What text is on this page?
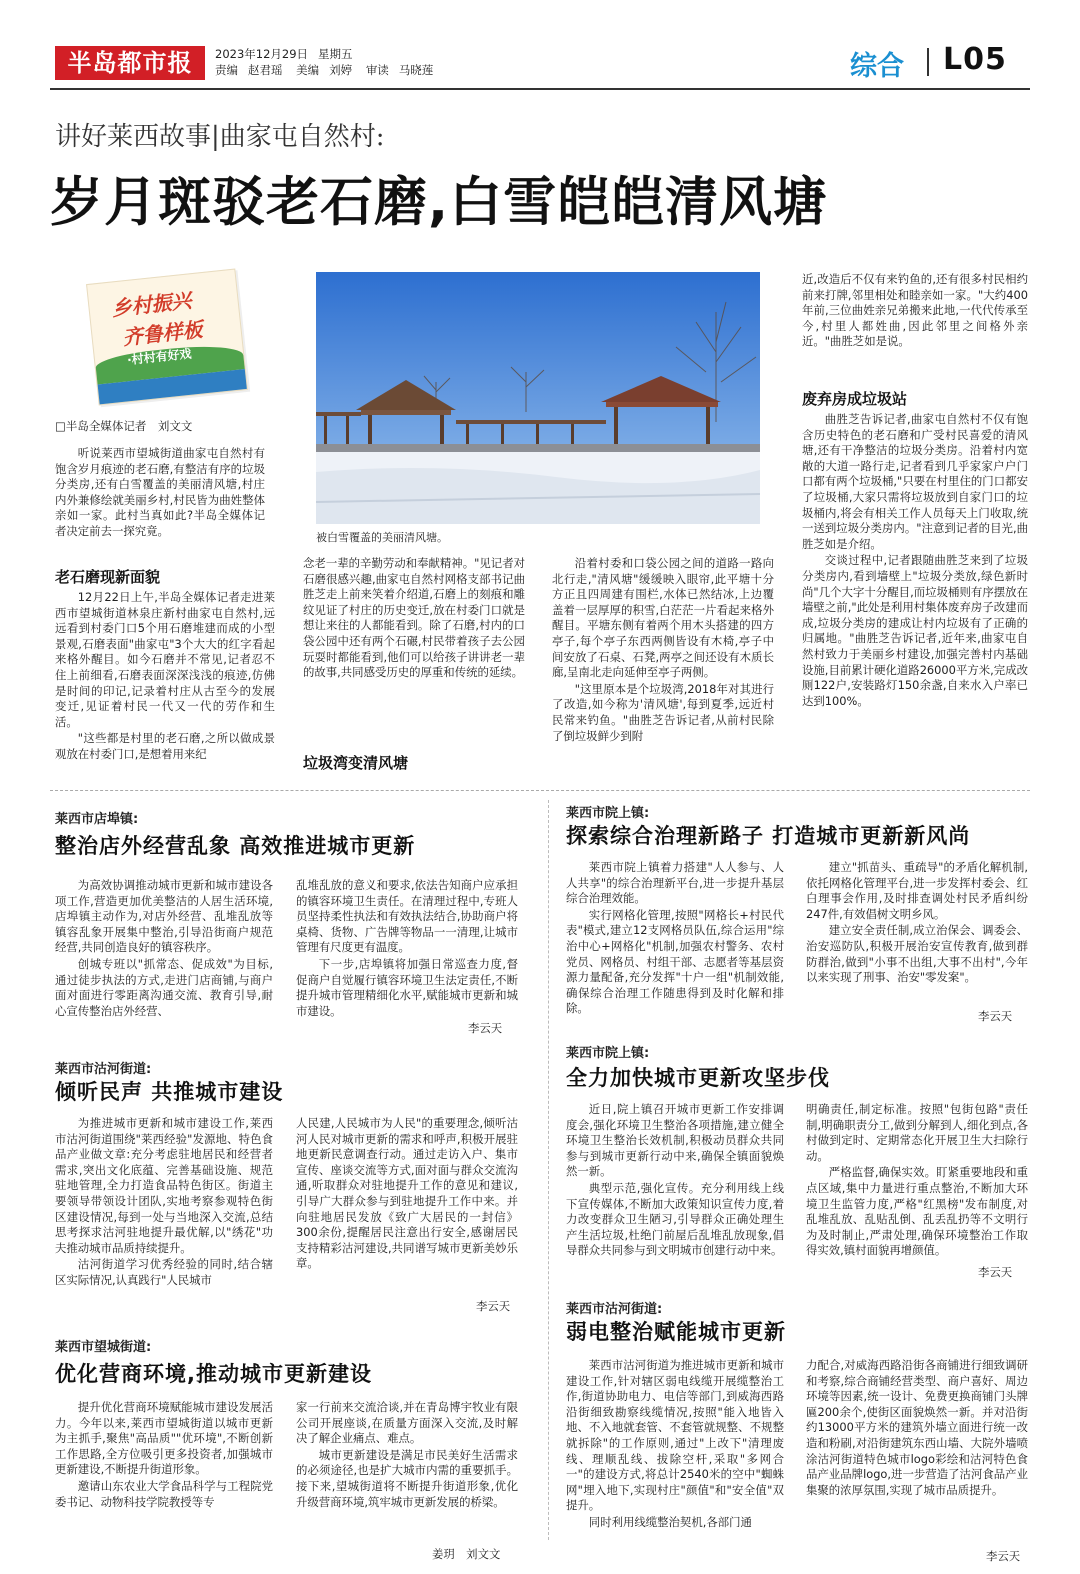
半岛都市报	2023年12月29日 星期五
责编 赵君瑶 美编 刘婷 审读 马晓莲	综合 L05
讲好莱西故事|曲家屯自然村:
岁月斑驳老石磨,白雪皑皑清风塘
乡村振兴
齐鲁样板
·村村有好戏
□半岛全媒体记者　刘文文

听说莱西市望城街道曲家屯自然村有饱含岁月痕迹的老石磨,有整洁有序的垃圾分类房,还有白雪覆盖的美丽清风塘,村庄内外兼修绘就美丽乡村,村民皆为曲姓整体亲如一家。此村当真如此?半岛全媒体记者决定前去一探究竟。	被白雪覆盖的美丽清风塘。
老石磨现新面貌

12月22日上午,半岛全媒体记者走进莱西市望城街道林泉庄新村曲家屯自然村,远远看到村委门口5个用石磨堆建而成的小型景观,石磨表面"曲家屯"3个大大的红字看起来格外醒目。如今石磨并不常见,记者忍不住上前细看,石磨表面深深浅浅的痕迹,仿佛是时间的印记,记录着村庄从古至今的发展变迁,见证着村民一代又一代的劳作和生活。

"这些都是村里的老石磨,之所以做成景观放在村委门口,是想着用来纪

念老一辈的辛勤劳动和奉献精神。"见记者对石磨很感兴趣,曲家屯自然村网格支部书记曲胜芝走上前来笑着介绍道,石磨上的刻痕和雕纹见证了村庄的历史变迁,放在村委门口就是想让来往的人都能看到。除了石磨,村内的口袋公园中还有两个石碾,村民带着孩子去公园玩耍时都能看到,他们可以给孩子讲讲老一辈的故事,共同感受历史的厚重和传统的延续。

垃圾湾变清风塘

沿着村委和口袋公园之间的道路一路向北行走,"清风塘"缓缓映入眼帘,此平塘十分方正且四周建有围栏,水体已然结冰,上边覆盖着一层厚厚的积雪,白茫茫一片看起来格外醒目。平塘东侧有着两个用木头搭建的四方亭子,每个亭子东西两侧皆设有木椅,亭子中间安放了石桌、石凳,两亭之间还设有木质长廊,呈南北走向延伸至亭子两侧。

"这里原本是个垃圾湾,2018年对其进行了改造,如今称为'清风塘',每到夏季,远近村民常来钓鱼。"曲胜芝告诉记者,从前村民除了倒垃圾鲜少到附

近,改造后不仅有来钓鱼的,还有很多村民相约前来打牌,邻里相处和睦亲如一家。"大约400年前,三位曲姓亲兄弟搬来此地,一代代传承至今,村里人都姓曲,因此邻里之间格外亲近。"曲胜芝如是说。

废弃房成垃圾站

曲胜芝告诉记者,曲家屯自然村不仅有饱含历史特色的老石磨和广受村民喜爱的清风塘,还有干净整洁的垃圾分类房。沿着村内宽敞的大道一路行走,记者看到几乎家家户户门口都有两个垃圾桶,"只要在村里住的门口都安了垃圾桶,大家只需将垃圾放到自家门口的垃圾桶内,将会有相关工作人员每天上门收取,统一送到垃圾分类房内。"注意到记者的目光,曲胜芝如是介绍。

交谈过程中,记者跟随曲胜芝来到了垃圾分类房内,看到墙壁上"垃圾分类放,绿色新时尚"几个大字十分醒目,而垃圾桶则有序摆放在墙壁之前,"此处是利用村集体废弃房子改建而成,垃圾分类房的建成让村内垃圾有了正确的归属地。"曲胜芝告诉记者,近年来,曲家屯自然村致力于美丽乡村建设,加强完善村内基础设施,目前累计硬化道路26000平方米,完成改厕122户,安装路灯150余盏,自来水入户率已达到100%。

莱西市店埠镇:
整治店外经营乱象 高效推进城市更新

为高效协调推动城市更新和城市建设各项工作,营造更加优美整洁的人居生活环境,店埠镇主动作为,对店外经营、乱堆乱放等镇容乱象开展集中整治,引导沿街商户规范经营,共同创造良好的镇容秩序。

创城专班以"抓常态、促成效"为目标,通过徒步执法的方式,走进门店商铺,与商户面对面进行零距离沟通交流、教育引导,耐心宣传整治店外经营、

乱堆乱放的意义和要求,依法告知商户应承担的镇容环境卫生责任。在清理过程中,专班人员坚持柔性执法和有效执法结合,协助商户将桌椅、货物、广告牌等物品一一清理,让城市管理有尺度更有温度。

下一步,店埠镇将加强日常巡查力度,督促商户自觉履行镇容环境卫生法定责任,不断提升城市管理精细化水平,赋能城市更新和城市建设。

李云天
莱西市沽河街道:
倾听民声 共推城市建设

为推进城市更新和城市建设工作,莱西市沽河街道围绕"莱西经验"发源地、特色食品产业做文章:充分考虑驻地居民和经营者需求,突出文化底蕴、完善基础设施、规范驻地管理,全力打造食品特色街区。街道主要领导带领设计团队,实地考察参观特色街区建设情况,每到一处与当地深入交流,总结思考探求沽河驻地提升最优解,以"绣花"功夫推动城市品质持续提升。

沽河街道学习优秀经验的同时,结合辖区实际情况,认真践行"人民城市

人民建,人民城市为人民"的重要理念,倾听沽河人民对城市更新的需求和呼声,积极开展驻地更新民意调查行动。通过走访入户、集市宣传、座谈交流等方式,面对面与群众交流沟通,听取群众对驻地提升工作的意见和建议,引导广大群众参与到驻地提升工作中来。并向驻地居民发放《致广大居民的一封信》300余份,提醒居民注意出行安全,感谢居民支持精彩沽河建设,共同谱写城市更新美妙乐章。

李云天
莱西市望城街道:
优化营商环境,推动城市更新建设

提升优化营商环境赋能城市建设发展活力。今年以来,莱西市望城街道以城市更新为主抓手,聚焦"高品质""优环境",不断创新工作思路,全方位吸引更多投资者,加强城市更新建设,不断提升街道形象。

邀请山东农业大学食品科学与工程院党委书记、动物科技学院教授等专

家一行前来交流洽谈,并在青岛博宇牧业有限公司开展座谈,在质量方面深入交流,及时解决了解企业痛点、难点。

城市更新建设是满足市民美好生活需求的必须途径,也是扩大城市内需的重要抓手。接下来,望城街道将不断提升街道形象,优化升级营商环境,筑牢城市更新发展的桥梁。

姜玥　刘文文
莱西市院上镇:
探索综合治理新路子 打造城市更新新风尚

莱西市院上镇着力搭建"人人参与、人人共享"的综合治理新平台,进一步提升基层综合治理效能。

实行网格化管理,按照"网格长+村民代表"模式,建立12支网格员队伍,综合运用"综治中心+网格化"机制,加强农村警务、农村党员、网格员、村组干部、志愿者等基层资源力量配备,充分发挥"十户一组"机制效能,确保综合治理工作随患得到及时化解和排除。

建立"抓苗头、重疏导"的矛盾化解机制,依托网格化管理平台,进一步发挥村委会、红白理事会作用,及时排查调处村民矛盾纠纷247件,有效倡树文明乡风。

建立安全责任制,成立治保会、调委会、治安巡防队,积极开展治安宣传教育,做到群防群治,做到"小事不出组,大事不出村",今年以来实现了刑事、治安"零发案"。

李云天
莱西市院上镇:
全力加快城市更新攻坚步伐

近日,院上镇召开城市更新工作安排调度会,强化环境卫生整治各项措施,建立健全环境卫生整治长效机制,积极动员群众共同参与到城市更新行动中来,确保全镇面貌焕然一新。

典型示范,强化宣传。充分利用线上线下宣传媒体,不断加大政策知识宣传力度,着力改变群众卫生陋习,引导群众正确处理生产生活垃圾,杜绝门前屋后乱堆乱放现象,倡导群众共同参与到文明城市创建行动中来。

明确责任,制定标准。按照"包街包路"责任制,明确职责分工,做到分解到人,细化到点,各村做到定时、定期常态化开展卫生大扫除行动。

严格监督,确保实效。盯紧重要地段和重点区域,集中力量进行重点整治,不断加大环境卫生监管力度,严格"红黑榜"发布制度,对乱堆乱放、乱贴乱倒、乱丢乱扔等不文明行为及时制止,严肃处理,确保环境整治工作取得实效,镇村面貌再增颜值。

李云天
莱西市沽河街道:
弱电整治赋能城市更新

莱西市沽河街道为推进城市更新和城市建设工作,针对辖区弱电线缆开展缆整治工作,街道协助电力、电信等部门,到威海西路沿街细致勘察线缆情况,按照"能入地皆入地、不入地就套管、不套管就规整、不规整就拆除"的工作原则,通过"上改下"清理废线、理顺乱线、拔除空杆,采取"多网合一"的建设方式,将总计2540米的空中"蜘蛛网"埋入地下,实现村庄"颜值"和"安全值"双提升。

同时利用线缆整治契机,各部门通

力配合,对威海西路沿街各商铺进行细致调研和考察,综合商铺经营类型、商户喜好、周边环境等因素,统一设计、免费更换商铺门头牌匾200余个,使街区面貌焕然一新。并对沿街约13000平方米的建筑外墙立面进行统一改造和粉刷,对沿街建筑东西山墙、大院外墙喷涂沽河街道特色城市logo彩绘和沽河特色食品产业品牌logo,进一步营造了沽河食品产业集聚的浓厚氛围,实现了城市品质提升。

李云天
